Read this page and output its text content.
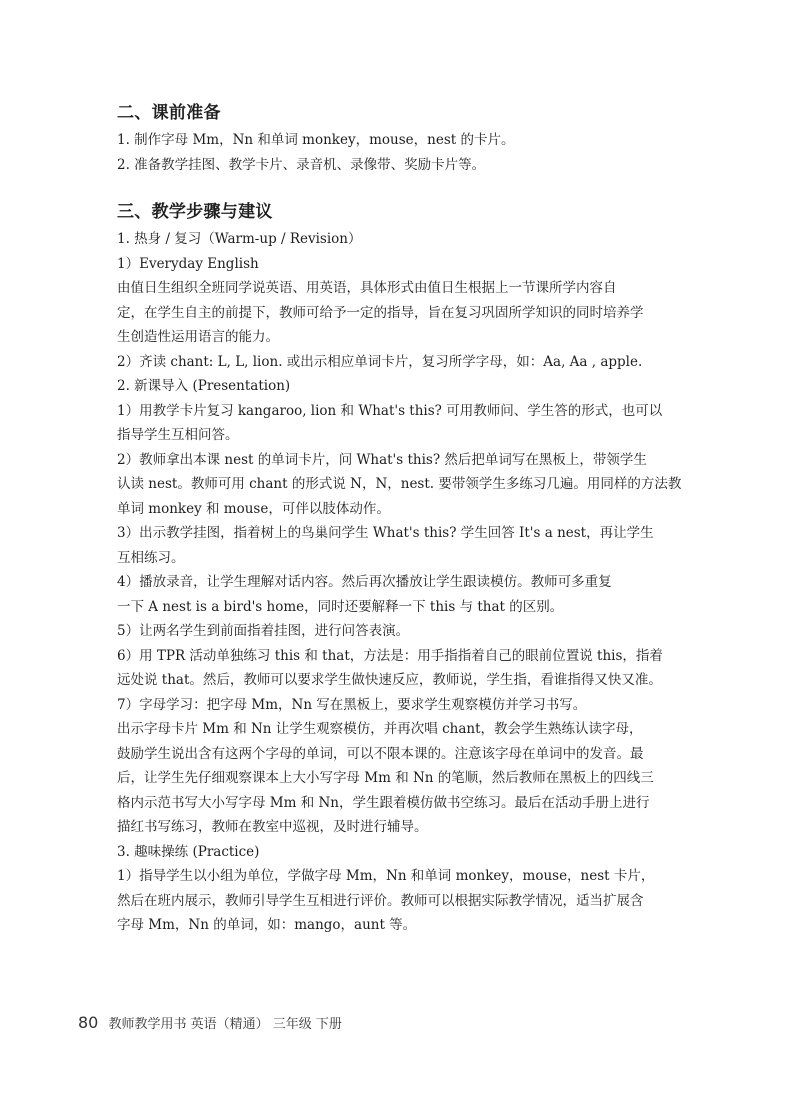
二、课前准备

1. 制作字母 Mm，Nn 和单词 monkey，mouse，nest 的卡片。

2. 准备教学挂图、教学卡片、录音机、录像带、奖励卡片等。

三、教学步骤与建议

1. 热身 / 复习（Warm-up / Revision）

1）Everyday English

由值日生组织全班同学说英语、用英语，具体形式由值日生根据上一节课所学内容自

定，在学生自主的前提下，教师可给予一定的指导，旨在复习巩固所学知识的同时培养学

生创造性运用语言的能力。

2）齐读 chant: L, L, lion. 或出示相应单词卡片，复习所学字母，如：Aa, Aa , apple.

2. 新课导入 (Presentation)

1）用教学卡片复习 kangaroo, lion 和 What's this? 可用教师问、学生答的形式，也可以

指导学生互相问答。

2）教师拿出本课 nest 的单词卡片，问 What's this? 然后把单词写在黑板上，带领学生

认读 nest。教师可用 chant 的形式说 N，N，nest. 要带领学生多练习几遍。用同样的方法教

单词 monkey 和 mouse，可伴以肢体动作。

3）出示教学挂图，指着树上的鸟巢问学生 What's this? 学生回答 It's a nest，再让学生

互相练习。

4）播放录音，让学生理解对话内容。然后再次播放让学生跟读模仿。教师可多重复

一下 A nest is a bird's home，同时还要解释一下 this 与 that 的区别。

5）让两名学生到前面指着挂图，进行问答表演。

6）用 TPR 活动单独练习 this 和 that，方法是：用手指指着自己的眼前位置说 this，指着

远处说 that。然后，教师可以要求学生做快速反应，教师说，学生指，看谁指得又快又准。

7）字母学习：把字母 Mm，Nn 写在黑板上，要求学生观察模仿并学习书写。

出示字母卡片 Mm 和 Nn 让学生观察模仿，并再次唱 chant，教会学生熟练认读字母，

鼓励学生说出含有这两个字母的单词，可以不限本课的。注意该字母在单词中的发音。最

后，让学生先仔细观察课本上大小写字母 Mm 和 Nn 的笔顺，然后教师在黑板上的四线三

格内示范书写大小写字母 Mm 和 Nn，学生跟着模仿做书空练习。最后在活动手册上进行

描红书写练习，教师在教室中巡视，及时进行辅导。

3. 趣味操练 (Practice)

1）指导学生以小组为单位，学做字母 Mm，Nn 和单词 monkey，mouse，nest 卡片，

然后在班内展示，教师引导学生互相进行评价。教师可以根据实际教学情况，适当扩展含

字母 Mm，Nn 的单词，如：mango，aunt 等。

80 教师教学用书 英语（精通） 三年级 下册
